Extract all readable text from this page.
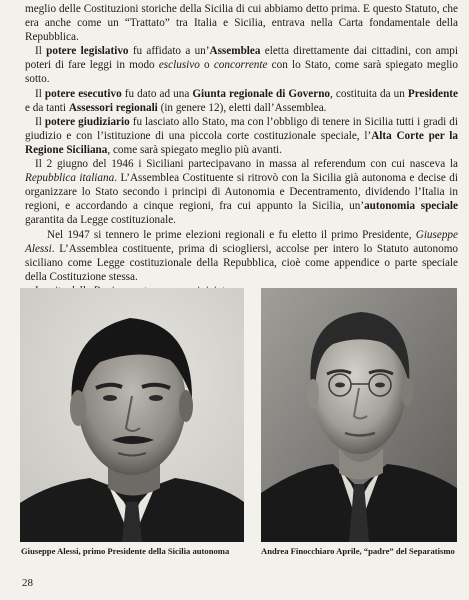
meglio delle Costituzioni storiche della Sicilia di cui abbiamo detto prima. E questo Statuto, che era anche come un “Trattato” tra Italia e Sicilia, entrava nella Carta fondamentale della Repubblica.

Il potere legislativo fu affidato a un’Assemblea eletta direttamente dai cittadini, con ampi poteri di fare leggi in modo esclusivo o concorrente con lo Stato, come sarà spiegato meglio sotto.

Il potere esecutivo fu dato ad una Giunta regionale di Governo, costituita da un Presidente e da tanti Assessori regionali (in genere 12), eletti dall’Assemblea.

Il potere giudiziario fu lasciato allo Stato, ma con l’obbligo di tenere in Sicilia tutti i gradi di giudizio e con l’istituzione di una piccola corte costituzionale speciale, l’Alta Corte per la Regione Siciliana, come sarà spiegato meglio più avanti.

Il 2 giugno del 1946 i Siciliani partecipavano in massa al referendum con cui nasceva la Repubblica italiana. L’Assemblea Costituente si ritrovò con la Sicilia già autonoma e decise di organizzare lo Stato secondo i principi di Autonomia e Decentramento, dividendo l’Italia in regioni, e accordando a cinque regioni, fra cui appunto la Sicilia, un’autonomia speciale garantita da Legge costituzionale.

Nel 1947 si tennero le prime elezioni regionali e fu eletto il primo Presidente, Giuseppe Alessi. L’Assemblea costituente, prima di sciogliersi, accolse per intero lo Statuto autonomo siciliano come Legge costituzionale della Repubblica, cioè come appendice o parte speciale della Costituzione stessa.

Giuseppe Alessi, primo Presidente della Sicilia autonoma	Andrea Finocchiaro Aprile, “padre” del Separatismo
28
